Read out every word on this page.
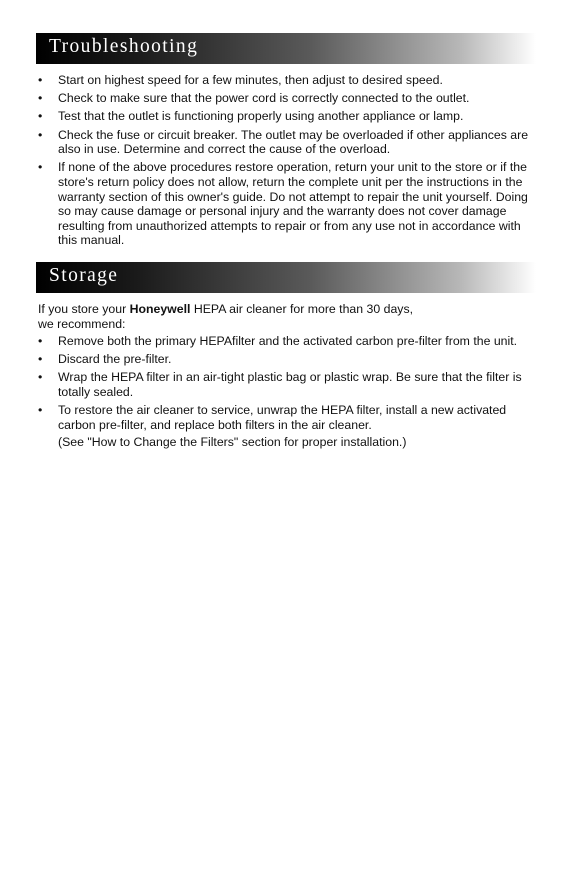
Troubleshooting
• Start on highest speed for a few minutes, then adjust to desired speed.
• Check to make sure that the power cord is correctly connected to the outlet.
• Test that the outlet is functioning properly using another appliance or lamp.
• Check the fuse or circuit breaker. The outlet may be overloaded if other appliances are also in use. Determine and correct the cause of the overload.
• If none of the above procedures restore operation, return your unit to the store or if the store's return policy does not allow, return the complete unit per the instructions in the warranty section of this owner's guide. Do not attempt to repair the unit yourself. Doing so may cause damage or personal injury and the warranty does not cover damage resulting from unauthorized attempts to repair or from any use not in accordance with this manual.
Storage
If you store your Honeywell HEPA air cleaner for more than 30 days,
we recommend:
• Remove both the primary HEPAfilter and the activated carbon pre-filter from the unit.
• Discard the pre-filter.
• Wrap the HEPA filter in an air-tight plastic bag or plastic wrap. Be sure that the filter is totally sealed.
• To restore the air cleaner to service, unwrap the HEPA filter, install a new activated carbon pre-filter, and replace both filters in the air cleaner.
(See "How to Change the Filters" section for proper installation.)
